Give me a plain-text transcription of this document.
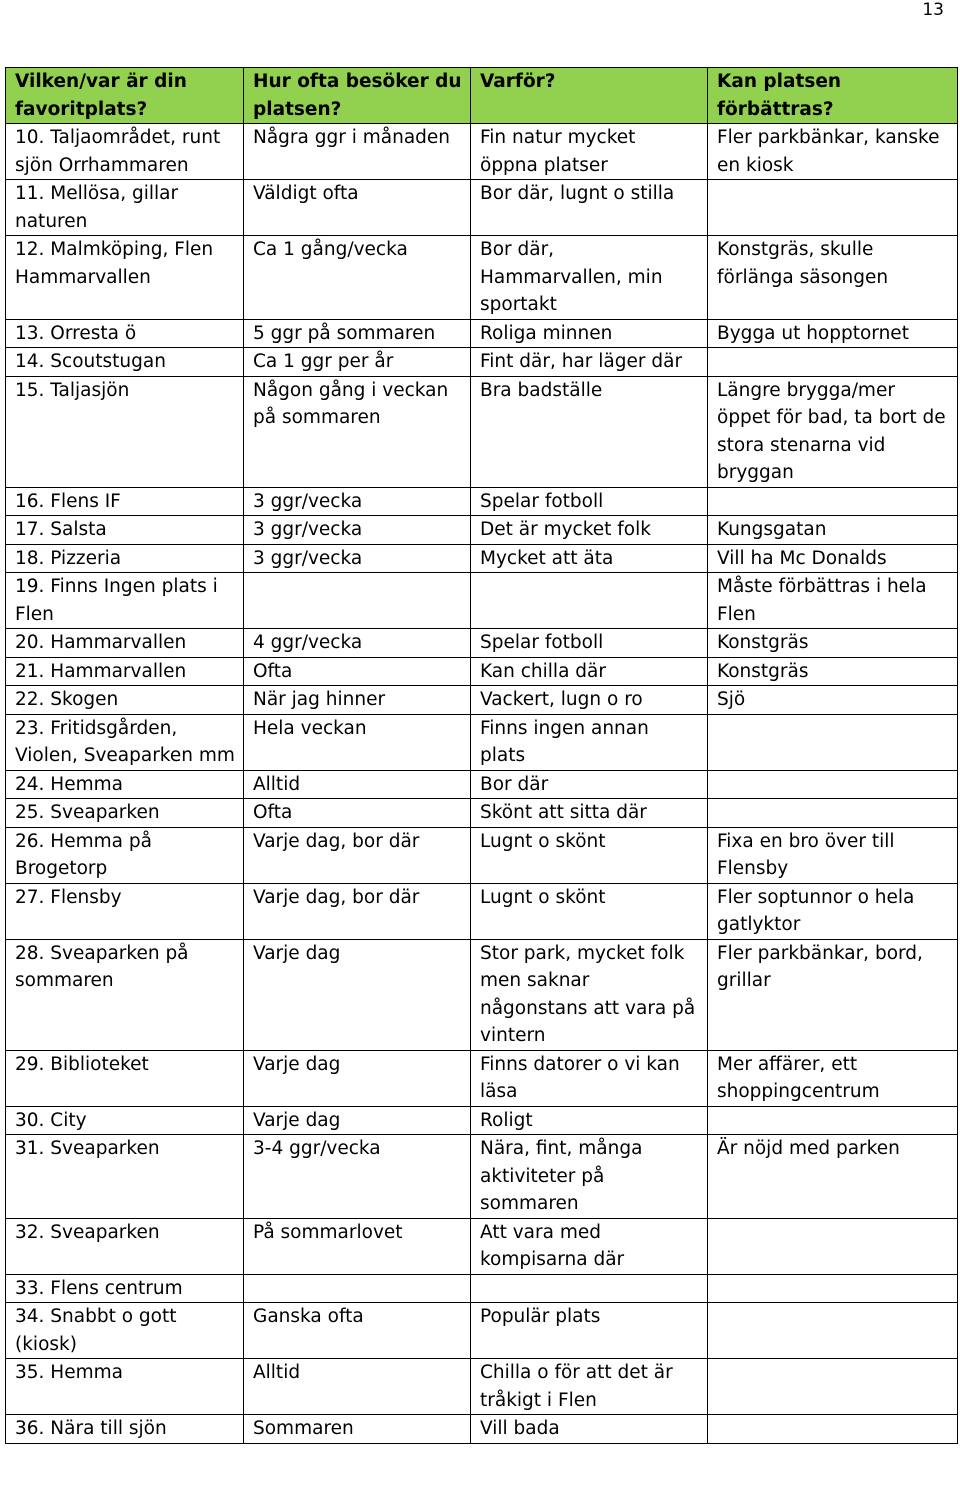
13
Vilken/var är din favoritplats?	Hur ofta besöker du platsen?	Varför?	Kan platsen förbättras?
10. Taljaområdet, runt sjön Orrhammaren	Några ggr i månaden	Fin natur mycket öppna platser	Fler parkbänkar, kanske en kiosk
11. Mellösa, gillar naturen	Väldigt ofta	Bor där, lugnt o stilla	
12. Malmköping, Flen Hammarvallen	Ca 1 gång/vecka	Bor där, Hammarvallen, min sportakt	Konstgräs, skulle förlänga säsongen
13. Orresta ö	5 ggr på sommaren	Roliga minnen	Bygga ut hopptornet
14. Scoutstugan	Ca 1 ggr per år	Fint där, har läger där	
15. Taljasjön	Någon gång i veckan på sommaren	Bra badställe	Längre brygga/mer öppet för bad, ta bort de stora stenarna vid bryggan
16. Flens IF	3 ggr/vecka	Spelar fotboll	
17. Salsta	3 ggr/vecka	Det är mycket folk	Kungsgatan
18. Pizzeria	3 ggr/vecka	Mycket att äta	Vill ha Mc Donalds
19. Finns Ingen plats i Flen			Måste förbättras i hela Flen
20. Hammarvallen	4 ggr/vecka	Spelar fotboll	Konstgräs
21. Hammarvallen	Ofta	Kan chilla där	Konstgräs
22. Skogen	När jag hinner	Vackert, lugn o ro	Sjö
23. Fritidsgården, Violen, Sveaparken mm	Hela veckan	Finns ingen annan plats	
24. Hemma	Alltid	Bor där	
25. Sveaparken	Ofta	Skönt att sitta där	
26. Hemma på Brogetorp	Varje dag, bor där	Lugnt o skönt	Fixa en bro över till Flensby
27. Flensby	Varje dag, bor där	Lugnt o skönt	Fler soptunnor o hela gatlyktor
28. Sveaparken på sommaren	Varje dag	Stor park, mycket folk men saknar någonstans att vara på vintern	Fler parkbänkar, bord, grillar
29. Biblioteket	Varje dag	Finns datorer o vi kan läsa	Mer affärer, ett shoppingcentrum
30. City	Varje dag	Roligt	
31. Sveaparken	3-4 ggr/vecka	Nära, fint, många aktiviteter på sommaren	Är nöjd med parken
32. Sveaparken	På sommarlovet	Att vara med kompisarna där	
33. Flens centrum			
34. Snabbt o gott (kiosk)	Ganska ofta	Populär plats	
35. Hemma	Alltid	Chilla o för att det är tråkigt i Flen	
36. Nära till sjön	Sommaren	Vill bada	
